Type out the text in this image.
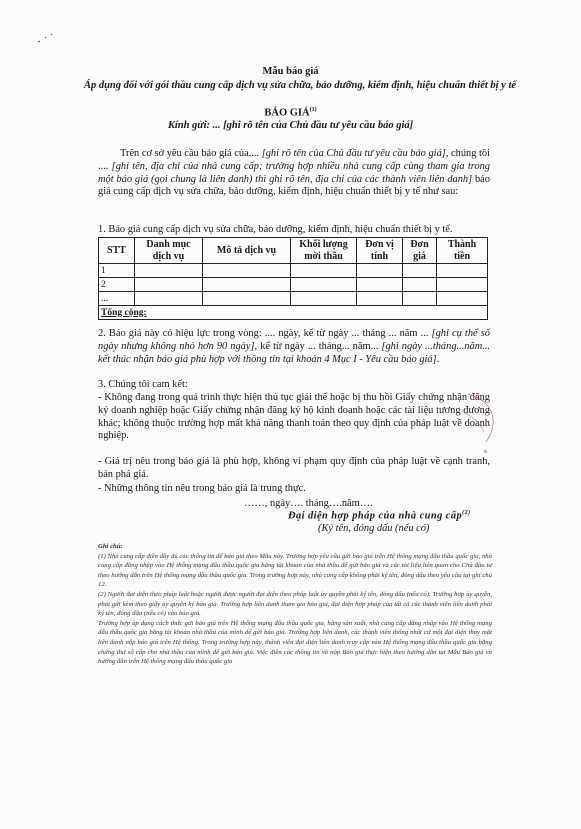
Mẫu báo giá
Áp dụng đối với gói thầu cung cấp dịch vụ sửa chữa, bảo dưỡng, kiểm định, hiệu chuẩn thiết bị y tế
BÁO GIÁ$^{(1)}$
Kính gửi: ... [ghi rõ tên của Chủ đầu tư yêu cầu báo giá]
Trên cơ sở yêu cầu báo giá của.... [ghi rõ tên của Chủ đầu tư yêu cầu báo giá], chúng tôi .... [ghi tên, địa chỉ của nhà cung cấp; trường hợp nhiều nhà cung cấp cùng tham gia trong một báo giá (gọi chung là liên danh) thì ghi rõ tên, địa chỉ của các thành viên liên danh] báo giá cung cấp dịch vụ sửa chữa, bảo dưỡng, kiểm định, hiệu chuẩn thiết bị y tế như sau:
1. Báo giá cung cấp dịch vụ sửa chữa, bảo dưỡng, kiểm định, hiệu chuẩn thiết bị y tế.
STT	Danh mục dịch vụ	Mô tả dịch vụ	Khối lượng mời thầu	Đơn vị tính	Đơn giá	Thành tiền
1						
2						
...						
Tổng cộng:						
2. Báo giá này có hiệu lực trong vòng: .... ngày, kể từ ngày ... tháng ... năm ... [ghi cụ thể số ngày nhưng không nhỏ hơn 90 ngày], kể từ ngày ... tháng... năm... [ghi ngày ...tháng...năm... kết thúc nhận báo giá phù hợp với thông tin tại khoản 4 Mục I - Yêu cầu báo giá].
3. Chúng tôi cam kết:
- Không đang trong quá trình thực hiện thủ tục giải thể hoặc bị thu hồi Giấy chứng nhận đăng ký doanh nghiệp hoặc Giấy chứng nhận đăng ký hộ kinh doanh hoặc các tài liệu tương đương khác; không thuộc trường hợp mất khả năng thanh toán theo quy định của pháp luật về doanh nghiệp.
- Giá trị nêu trong báo giá là phù hợp, không vi phạm quy định của pháp luật về cạnh tranh, bán phá giá.
- Những thông tin nêu trong báo giá là trung thực.
……, ngày…. tháng….năm….
Đại diện hợp pháp của nhà cung cấp$^{(2)}$
(Ký tên, đóng dấu (nếu có)
Ghi chú:
(1) Nhà cung cấp điền đầy đủ các thông tin để báo giá theo Mẫu này. Trường hợp yêu cầu gửi báo giá trên Hệ thống mạng đấu thầu quốc gia, nhà cung cấp đăng nhập vào Hệ thống mạng đấu thầu quốc gia bằng tài khoản của nhà thầu để gửi báo giá và các tài liệu liên quan cho Chủ đầu tư theo hướng dẫn trên Hệ thống mạng đấu thầu quốc gia. Trong trường hợp này, nhà cung cấp không phải ký tên, đóng dấu theo yêu cầu tại ghi chú 12.
(2) Người đại diện theo pháp luật hoặc người được người đại diện theo pháp luật ủy quyền phải ký tên, đóng dấu (nếu có). Trường hợp ủy quyền, phải gửi kèm theo giấy ủy quyền ký báo giá. Trường hợp liên danh tham gia báo giá, đại diện hợp pháp của tất cả các thành viên liên danh phải ký tên, đóng dấu (nếu có) vào báo giá.
Trường hợp áp dụng cách thức gửi báo giá trên Hệ thống mạng đấu thầu quốc gia, hãng sản xuất, nhà cung cấp đăng nhập vào Hệ thống mạng đấu thầu quốc gia bằng tài khoản nhà thầu của mình để gửi báo giá. Trường hợp liên danh, các thành viên thống nhất cử một đại diện thay mặt liên danh nộp báo giá trên Hệ thống. Trong trường hợp này, thành viên đại diện liên danh truy cập vào Hệ thống mạng đấu thầu quốc gia bằng chứng thư số cấp cho nhà thầu của mình để gửi báo giá. Việc điền các thông tin và nộp Báo giá thực hiện theo hướng dẫn tại Mẫu Báo giá và hướng dẫn trên Hệ thống mạng đấu thầu quốc gia
